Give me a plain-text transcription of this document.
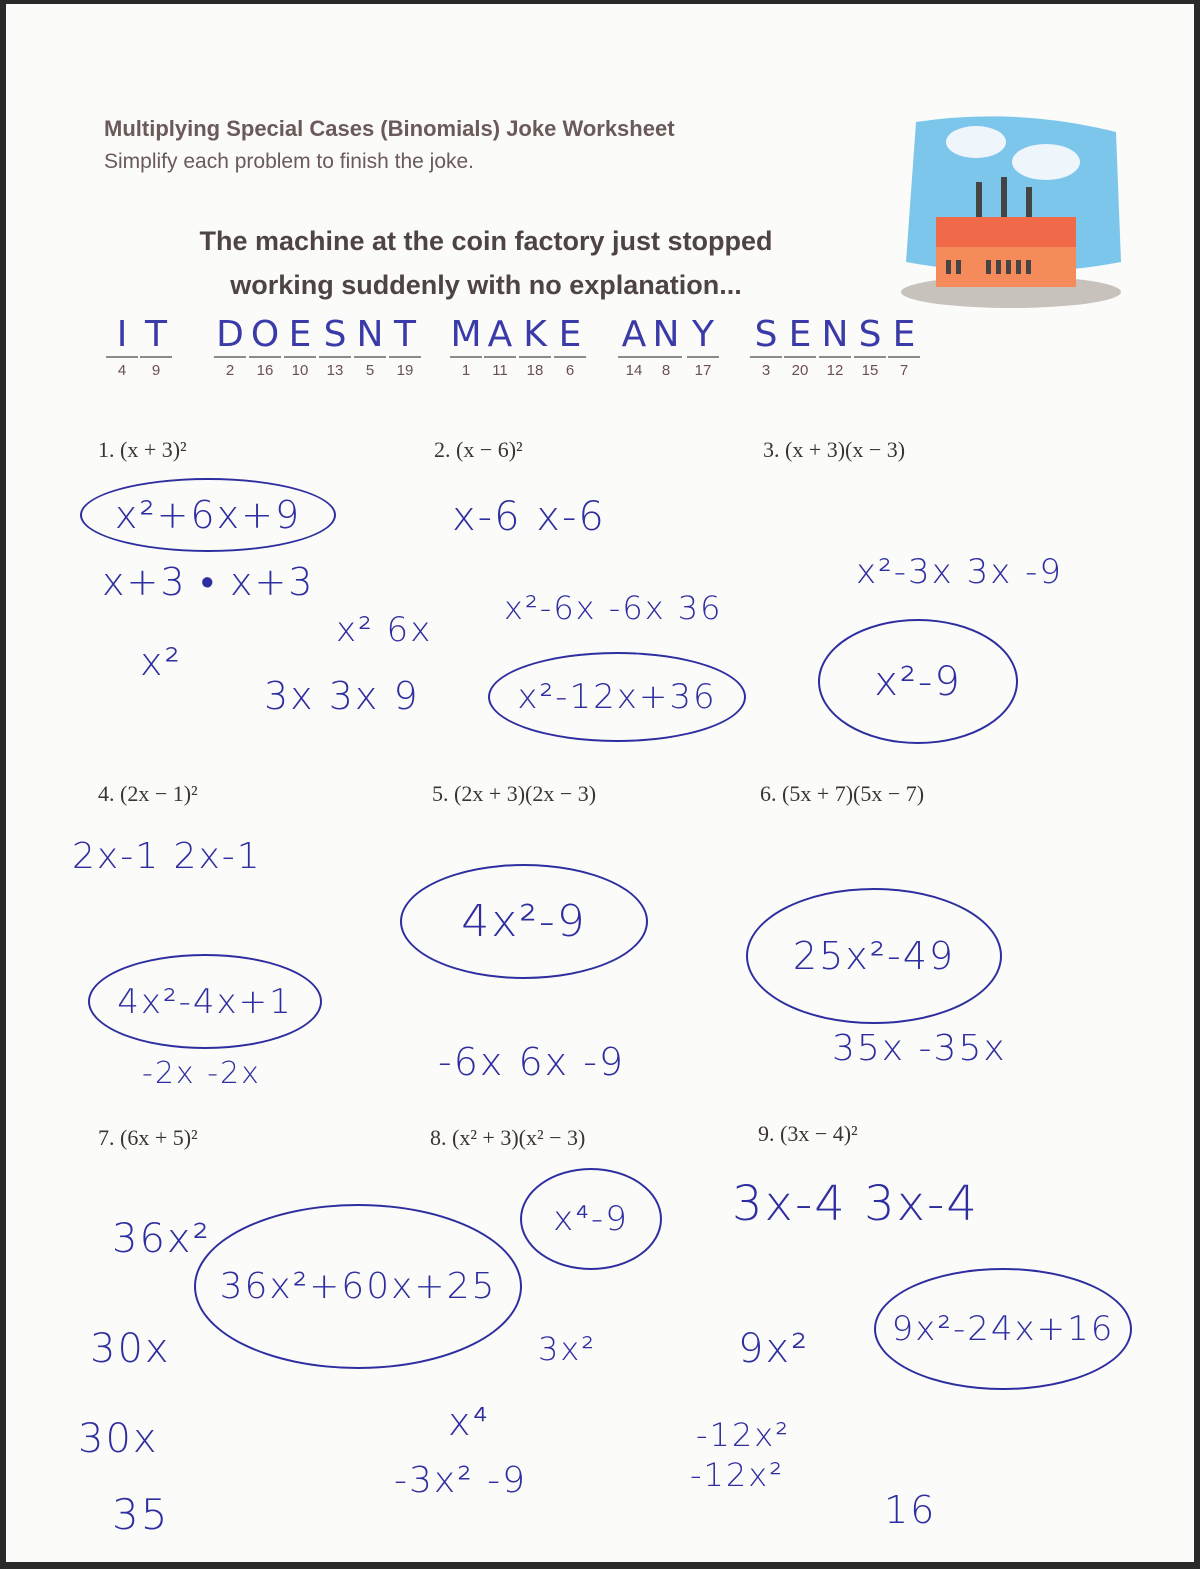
Multiplying Special Cases (Binomials) Joke Worksheet
Simplify each problem to finish the joke.
The machine at the coin factory just stopped working suddenly with no explanation...
I
4
T
9
D
2
O
16
E
10
S
13
N
5
T
19
M
1
A
11
K
18
E
6
A
14
N
8
Y
17
S
3
E
20
N
12
S
15
E
7
1. (x + 3)²	2. (x − 6)²	3. (x + 3)(x − 3)
4. (2x − 1)²	5. (2x + 3)(2x − 3)	6. (5x + 7)(5x − 7)
7. (6x + 5)²	8. (x² + 3)(x² − 3)	9. (3x − 4)²
x²+6x+9
x+3 • x+3
x²
x² 6x
3x 3x 9
x-6 x-6
x²-6x -6x 36
x²-12x+36
x²-3x 3x -9
x²-9
2x-1 2x-1
4x²-4x+1
-2x -2x
4x²-9
-6x 6x -9
25x²-49
35x -35x
36x²
36x²+60x+25
30x
30x
35
x⁴-9
3x²
x⁴
-3x² -9
3x-4 3x-4
9x²-24x+16
9x²
-12x²
-12x²
16
